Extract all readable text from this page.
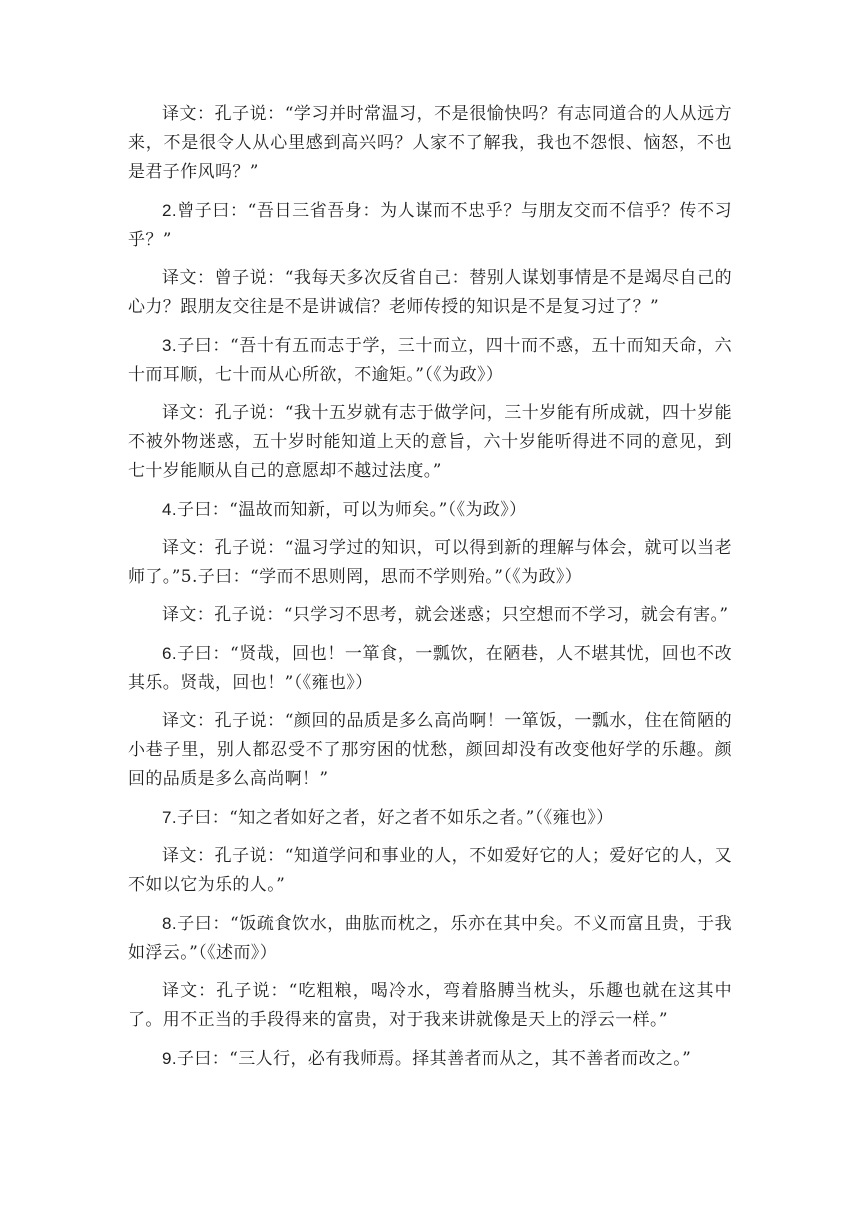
译文：孔子说：“学习并时常温习，不是很愉快吗？有志同道合的人从远方来，不是很令人从心里感到高兴吗？人家不了解我，我也不怨恨、恼怒，不也是君子作风吗？”

2.曾子曰：“吾日三省吾身：为人谋而不忠乎？与朋友交而不信乎？传不习乎？”

译文：曾子说：“我每天多次反省自己：替别人谋划事情是不是竭尽自己的心力？跟朋友交往是不是讲诚信？老师传授的知识是不是复习过了？”

3.子曰：“吾十有五而志于学，三十而立，四十而不惑，五十而知天命，六十而耳顺，七十而从心所欲，不逾矩。”（《为政》）

译文：孔子说：“我十五岁就有志于做学问，三十岁能有所成就，四十岁能不被外物迷惑，五十岁时能知道上天的意旨，六十岁能听得进不同的意见，到七十岁能顺从自己的意愿却不越过法度。”

4.子曰：“温故而知新，可以为师矣。”（《为政》）

译文：孔子说：“温习学过的知识，可以得到新的理解与体会，就可以当老师了。”5.子曰：“学而不思则罔，思而不学则殆。”（《为政》）

译文：孔子说：“只学习不思考，就会迷惑；只空想而不学习，就会有害。”

6.子曰：“贤哉，回也！一箪食，一瓢饮，在陋巷，人不堪其忧，回也不改其乐。贤哉，回也！”（《雍也》）

译文：孔子说：“颜回的品质是多么高尚啊！一箪饭，一瓢水，住在简陋的小巷子里，别人都忍受不了那穷困的忧愁，颜回却没有改变他好学的乐趣。颜回的品质是多么高尚啊！”

7.子曰：“知之者如好之者，好之者不如乐之者。”（《雍也》）

译文：孔子说：“知道学问和事业的人，不如爱好它的人；爱好它的人，又不如以它为乐的人。”

8.子曰：“饭疏食饮水，曲肱而枕之，乐亦在其中矣。不义而富且贵，于我如浮云。”（《述而》）

译文：孔子说：“吃粗粮，喝冷水，弯着胳膊当枕头，乐趣也就在这其中了。用不正当的手段得来的富贵，对于我来讲就像是天上的浮云一样。”

9.子曰：“三人行，必有我师焉。择其善者而从之，其不善者而改之。”
